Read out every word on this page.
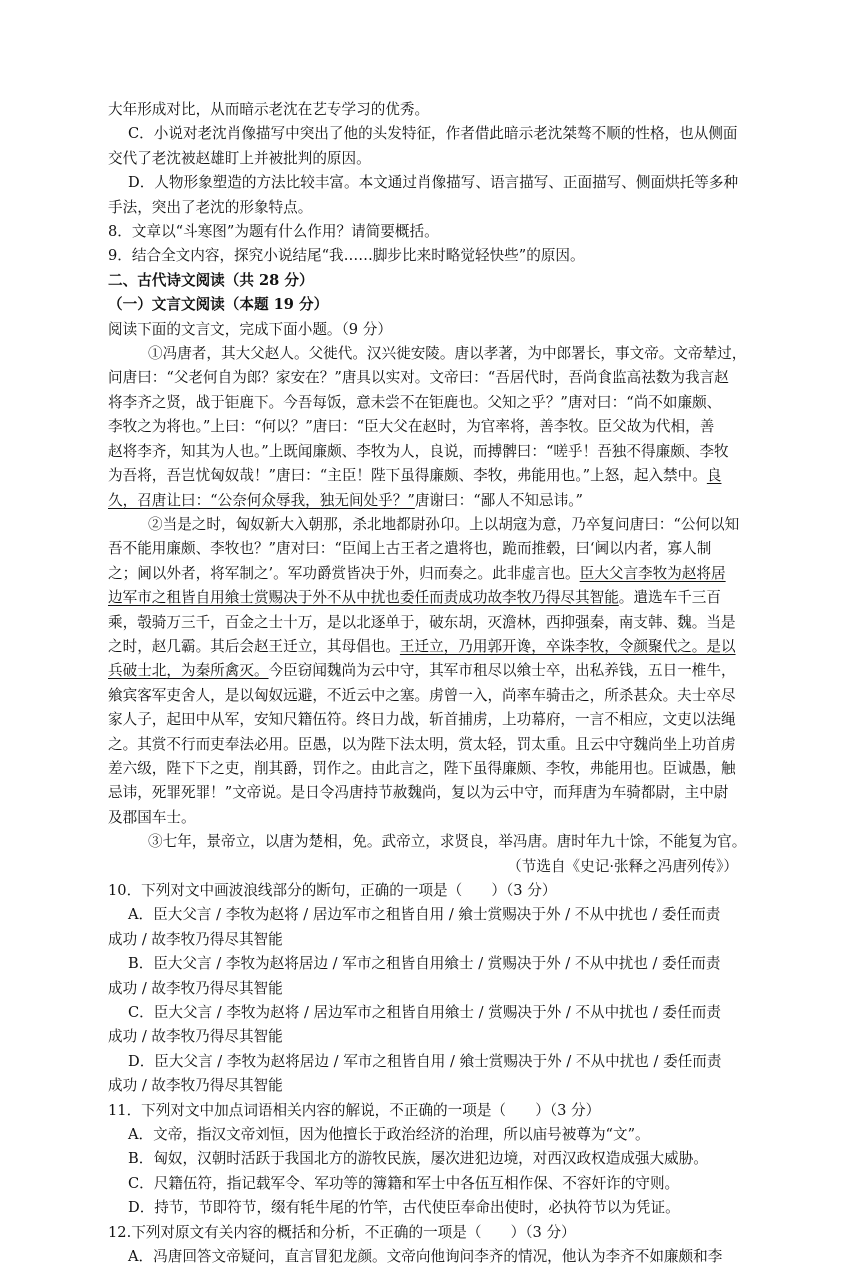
大年形成对比，从而暗示老沈在艺专学习的优秀。
C．小说对老沈肖像描写中突出了他的头发特征，作者借此暗示老沈桀骜不顺的性格，也从侧面
交代了老沈被赵雄盯上并被批判的原因。
D．人物形象塑造的方法比较丰富。本文通过肖像描写、语言描写、正面描写、侧面烘托等多种
手法，突出了老沈的形象特点。
8．文章以“斗寒图”为题有什么作用？请简要概括。
9．结合全文内容，探究小说结尾“我……脚步比来时略觉轻快些”的原因。
二、古代诗文阅读（共 28 分）
（一）文言文阅读（本题 19 分）
阅读下面的文言文，完成下面小题。（9 分）
①冯唐者，其大父赵人。父徙代。汉兴徙安陵。唐以孝著，为中郎署长，事文帝。文帝辇过，
问唐曰：“父老何自为郎？家安在？”唐具以实对。文帝曰：“吾居代时，吾尚食监高祛数为我言赵
将李齐之贤，战于钜鹿下。今吾每饭，意未尝不在钜鹿也。父知之乎？”唐对曰：“尚不如廉颇、
李牧之为将也。”上曰：“何以？”唐曰：“臣大父在赵时，为官率将，善李牧。臣父故为代相，善
赵将李齐，知其为人也。”上既闻廉颇、李牧为人，良说，而搏髀曰：“嗟乎！吾独不得廉颇、李牧
为吾将，吾岂忧匈奴哉！”唐曰：“主臣！陛下虽得廉颇、李牧，弗能用也。”上怒，起入禁中。良
久，召唐让曰：“公奈何众辱我，独无间处乎？”唐谢曰：“鄙人不知忌讳。”
②当是之时，匈奴新大入朝那，杀北地都尉孙卬。上以胡寇为意，乃卒复问唐曰：“公何以知
吾不能用廉颇、李牧也？”唐对曰：“臣闻上古王者之遣将也，跪而推毂，曰‘阃以内者，寡人制
之；阃以外者，将军制之’。军功爵赏皆决于外，归而奏之。此非虚言也。臣大父言李牧为赵将居
边军市之租皆自用飨士赏赐决于外不从中扰也委任而责成功故李牧乃得尽其智能。遣选车千三百
乘，彀骑万三千，百金之士十万，是以北逐单于，破东胡，灭澹林，西抑强秦，南支韩、魏。当是
之时，赵几霸。其后会赵王迁立，其母倡也。王迁立，乃用郭开谗，卒诛李牧，令颜聚代之。是以
兵破士北，为秦所禽灭。今臣窃闻魏尚为云中守，其军市租尽以飨士卒，出私养钱，五日一椎牛，
飨宾客军吏舍人，是以匈奴远避，不近云中之塞。虏曾一入，尚率车骑击之，所杀甚众。夫士卒尽
家人子，起田中从军，安知尺籍伍符。终日力战，斩首捕虏，上功幕府，一言不相应，文吏以法绳
之。其赏不行而吏奉法必用。臣愚，以为陛下法太明，赏太轻，罚太重。且云中守魏尚坐上功首虏
差六级，陛下下之吏，削其爵，罚作之。由此言之，陛下虽得廉颇、李牧，弗能用也。臣诚愚，触
忌讳，死罪死罪！”文帝说。是日令冯唐持节赦魏尚，复以为云中守，而拜唐为车骑都尉，主中尉
及郡国车士。
③七年，景帝立，以唐为楚相，免。武帝立，求贤良，举冯唐。唐时年九十馀，不能复为官。
（节选自《史记·张释之冯唐列传》）
10．下列对文中画波浪线部分的断句，正确的一项是（　　）（3 分）
A．臣大父言 / 李牧为赵将 / 居边军市之租皆自用 / 飨士赏赐决于外 / 不从中扰也 / 委任而责
成功 / 故李牧乃得尽其智能
B．臣大父言 / 李牧为赵将居边 / 军市之租皆自用飨士 / 赏赐决于外 / 不从中扰也 / 委任而责
成功 / 故李牧乃得尽其智能
C．臣大父言 / 李牧为赵将 / 居边军市之租皆自用飨士 / 赏赐决于外 / 不从中扰也 / 委任而责
成功 / 故李牧乃得尽其智能
D．臣大父言 / 李牧为赵将居边 / 军市之租皆自用 / 飨士赏赐决于外 / 不从中扰也 / 委任而责
成功 / 故李牧乃得尽其智能
11．下列对文中加点词语相关内容的解说，不正确的一项是（　　）（3 分）
A．文帝，指汉文帝刘恒，因为他擅长于政治经济的治理，所以庙号被尊为“文”。
B．匈奴，汉朝时活跃于我国北方的游牧民族，屡次进犯边境，对西汉政权造成强大威胁。
C．尺籍伍符，指记载军令、军功等的簿籍和军士中各伍互相作保、不容奸诈的守则。
D．持节，节即符节，缀有牦牛尾的竹竿，古代使臣奉命出使时，必执符节以为凭证。
12.下列对原文有关内容的概括和分析，不正确的一项是（　　）（3 分）
A．冯唐回答文帝疑问，直言冒犯龙颜。文帝向他询问李齐的情况，他认为李齐不如廉颇和李
